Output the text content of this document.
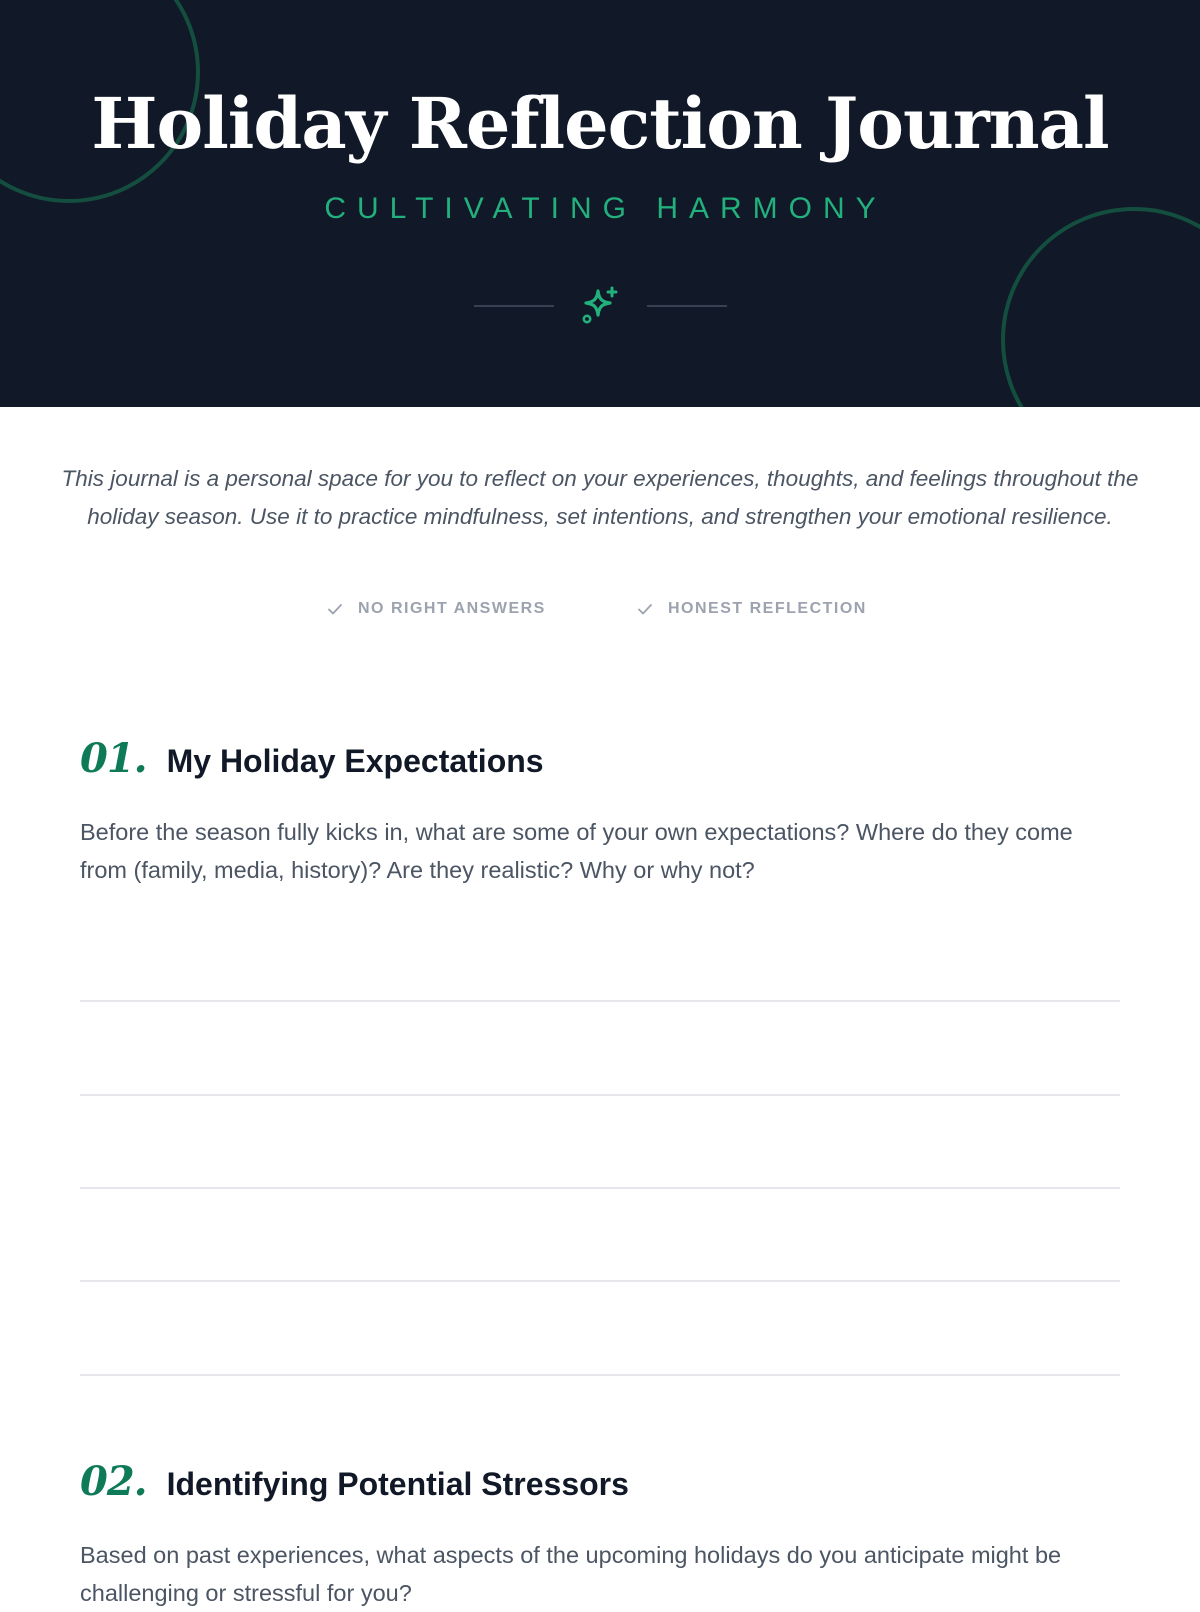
Holiday Reflection Journal
CULTIVATING HARMONY
This journal is a personal space for you to reflect on your experiences, thoughts, and feelings throughout the holiday season. Use it to practice mindfulness, set intentions, and strengthen your emotional resilience.
NO RIGHT ANSWERS	HONEST REFLECTION
01. My Holiday Expectations
Before the season fully kicks in, what are some of your own expectations? Where do they come from (family, media, history)? Are they realistic? Why or why not?
02. Identifying Potential Stressors
Based on past experiences, what aspects of the upcoming holidays do you anticipate might be challenging or stressful for you?
